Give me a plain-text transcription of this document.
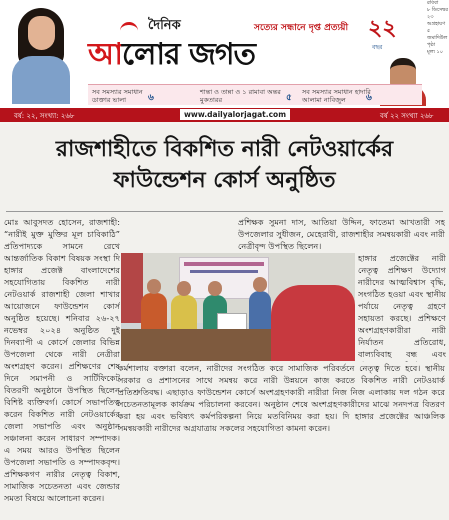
দৈনিক
আলোর জগত
সত্যের সন্ধানে দৃপ্ত প্রত্যয়ী ২২
বছর
রবিবা
৮ ডিসেম্বর
২৩ অগ্রহায়ণ
৫ জমাদিউল
পৃষ্ঠা
মূল্য ১০
সব সমস্যার সমাধান ডাক্তার ভালা	৬
শান্তা ও তান্না ও ১ রামাবা অন্তর মুকতারর	৫
সব সমস্যার সমাধান হাদারি আলামা নাবিজুল	৬
বর্ষ: ২২, সংখ্যা: ২৬৮	www.dailyalorjagat.com	বর্ষ ২২ সংখ্যা ২৬৮
রাজশাহীতে বিকশিত নারী নেটওয়ার্কের
ফাউন্ডেশন কোর্স অনুষ্ঠিত
মোঃ আবুসদত হোসেন, রাজশাহী: “নারীই মুক্ত মুক্তির মূল চাবিকাঠি” প্রতিপাদ্যকে সামনে রেখে আন্তর্জাতিক বিকাশ বিষয়ক সংস্থা দি হাঙ্গার প্রজেক্ট বাংলাদেশের সহযোগিতায় বিকশিত নারী নেটওয়ার্ক রাজশাহী জেলা শাখার আয়োজনে ফাউন্ডেশন কোর্স অনুষ্ঠিত হয়েছে। শনিবার ২৬-২৭ নভেম্বর ২০২৪ অনুষ্ঠিত দুই দিনব্যাপী এ কোর্সে জেলার বিভিন্ন উপজেলা থেকে নারী নেত্রীরা অংশগ্রহণ করেন। প্রশিক্ষণের শেষ দিনে সমাপনী ও সার্টিফিকেট বিতরণী অনুষ্ঠানে উপস্থিত ছিলেন বিশিষ্ট ব্যক্তিবর্গ। কোর্সে সভাপতিত্ব করেন বিকশিত নারী নেটওয়ার্কের জেলা সভাপতি এবং অনুষ্ঠান সঞ্চালনা করেন সাধারণ সম্পাদক। এ সময় আরও উপস্থিত ছিলেন উপজেলা সভাপতি ও সম্পাদকবৃন্দ। প্রশিক্ষকগণ নারীর নেতৃত্ব বিকাশ, সামাজিক সচেতনতা এবং জেন্ডার সমতা বিষয়ে আলোচনা করেন।
প্রশিক্ষক সুমনা দাস, আতিয়া উদ্দিন, ফাতেমা আখতারী সহ উপজেলার সুধীজন, মেহেরাবী, রাজশাহীর সমন্বয়কারী এবং নারী নেত্রীবৃন্দ উপস্থিত ছিলেন।
হাঙ্গার প্রজেক্টের নারী নেতৃত্ব প্রশিক্ষণ উদ্যোগ নারীদের আত্মবিশ্বাস বৃদ্ধি, সংগঠিত হওয়া এবং স্থানীয় পর্যায়ে নেতৃত্ব গ্রহণে সহায়তা করছে। প্রশিক্ষণে অংশগ্রহণকারীরা নারী নির্যাতন প্রতিরোধ, বাল্যবিবাহ বন্ধ এবং
কর্মশালায় বক্তারা বলেন, নারীদের সংগঠিত করে সামাজিক পরিবর্তনে নেতৃত্ব দিতে হবে। স্থানীয় সরকার ও প্রশাসনের সাথে সমন্বয় করে নারী উন্নয়নে কাজ করতে বিকশিত নারী নেটওয়ার্ক প্রতিশ্রুতিবদ্ধ। এছাড়াও ফাউন্ডেশন কোর্সে অংশগ্রহণকারী নারীরা নিজ নিজ এলাকায় দল গঠন করে সচেতনতামূলক কার্যক্রম পরিচালনা করবেন। অনুষ্ঠান শেষে অংশগ্রহণকারীদের মাঝে সনদপত্র বিতরণ করা হয় এবং ভবিষ্যৎ কর্মপরিকল্পনা নিয়ে মতবিনিময় করা হয়। দি হাঙ্গার প্রজেক্টের আঞ্চলিক সমন্বয়কারী নারীদের অগ্রযাত্রায় সকলের সহযোগিতা কামনা করেন।
